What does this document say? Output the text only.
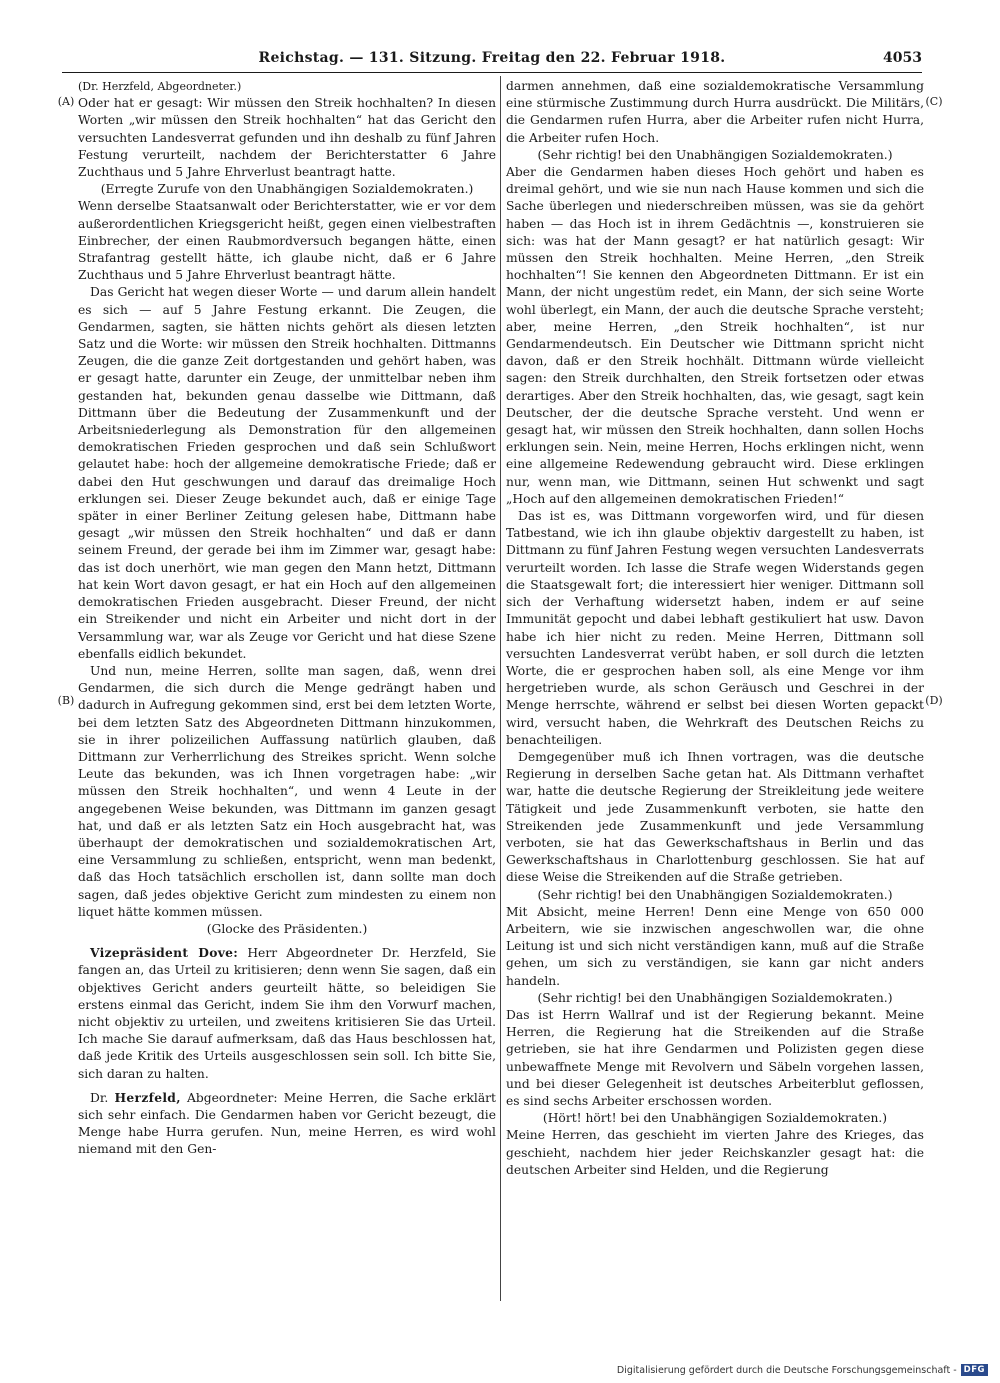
Reichstag. — 131. Sitzung. Freitag den 22. Februar 1918.	4053
(A)
(B)
(C)
(D)

(Dr. Herzfeld, Abgeordneter.)

Oder hat er gesagt: Wir müssen den Streik hochhalten? In diesen Worten „wir müssen den Streik hochhalten“ hat das Gericht den versuchten Landesverrat gefunden und ihn deshalb zu fünf Jahren Festung verurteilt, nachdem der Berichterstatter 6 Jahre Zuchthaus und 5 Jahre Ehrverlust beantragt hatte.

(Erregte Zurufe von den Unabhängigen Sozialdemokraten.)

Wenn derselbe Staatsanwalt oder Berichterstatter, wie er vor dem außerordentlichen Kriegsgericht heißt, gegen einen vielbestraften Einbrecher, der einen Raubmordversuch begangen hätte, einen Strafantrag gestellt hätte, ich glaube nicht, daß er 6 Jahre Zuchthaus und 5 Jahre Ehrverlust beantragt hätte.

Das Gericht hat wegen dieser Worte — und darum allein handelt es sich — auf 5 Jahre Festung erkannt. Die Zeugen, die Gendarmen, sagten, sie hätten nichts gehört als diesen letzten Satz und die Worte: wir müssen den Streik hochhalten. Dittmanns Zeugen, die die ganze Zeit dortgestanden und gehört haben, was er gesagt hatte, darunter ein Zeuge, der unmittelbar neben ihm gestanden hat, bekunden genau dasselbe wie Dittmann, daß Dittmann über die Bedeutung der Zusammenkunft und der Arbeitsniederlegung als Demonstration für den allgemeinen demokratischen Frieden gesprochen und daß sein Schlußwort gelautet habe: hoch der allgemeine demokratische Friede; daß er dabei den Hut geschwungen und darauf das dreimalige Hoch erklungen sei. Dieser Zeuge bekundet auch, daß er einige Tage später in einer Berliner Zeitung gelesen habe, Dittmann habe gesagt „wir müssen den Streik hochhalten“ und daß er dann seinem Freund, der gerade bei ihm im Zimmer war, gesagt habe: das ist doch unerhört, wie man gegen den Mann hetzt, Dittmann hat kein Wort davon gesagt, er hat ein Hoch auf den allgemeinen demokratischen Frieden ausgebracht. Dieser Freund, der nicht ein Streikender und nicht ein Arbeiter und nicht dort in der Versammlung war, war als Zeuge vor Gericht und hat diese Szene ebenfalls eidlich bekundet.

Und nun, meine Herren, sollte man sagen, daß, wenn drei Gendarmen, die sich durch die Menge gedrängt haben und dadurch in Aufregung gekommen sind, erst bei dem letzten Worte, bei dem letzten Satz des Abgeordneten Dittmann hinzukommen, sie in ihrer polizeilichen Auffassung natürlich glauben, daß Dittmann zur Verherrlichung des Streikes spricht. Wenn solche Leute das bekunden, was ich Ihnen vorgetragen habe: „wir müssen den Streik hochhalten“, und wenn 4 Leute in der angegebenen Weise bekunden, was Dittmann im ganzen gesagt hat, und daß er als letzten Satz ein Hoch ausgebracht hat, was überhaupt der demokratischen und sozialdemokratischen Art, eine Versammlung zu schließen, entspricht, wenn man bedenkt, daß das Hoch tatsächlich erschollen ist, dann sollte man doch sagen, daß jedes objektive Gericht zum mindesten zu einem non liquet hätte kommen müssen.

(Glocke des Präsidenten.)

Vizepräsident Dove: Herr Abgeordneter Dr. Herzfeld, Sie fangen an, das Urteil zu kritisieren; denn wenn Sie sagen, daß ein objektives Gericht anders geurteilt hätte, so beleidigen Sie erstens einmal das Gericht, indem Sie ihm den Vorwurf machen, nicht objektiv zu urteilen, und zweitens kritisieren Sie das Urteil. Ich mache Sie darauf aufmerksam, daß das Haus beschlossen hat, daß jede Kritik des Urteils ausgeschlossen sein soll. Ich bitte Sie, sich daran zu halten.

Dr. Herzfeld, Abgeordneter: Meine Herren, die Sache erklärt sich sehr einfach. Die Gendarmen haben vor Gericht bezeugt, die Menge habe Hurra gerufen. Nun, meine Herren, es wird wohl niemand mit den Gen-

darmen annehmen, daß eine sozialdemokratische Versammlung eine stürmische Zustimmung durch Hurra ausdrückt. Die Militärs, die Gendarmen rufen Hurra, aber die Arbeiter rufen nicht Hurra, die Arbeiter rufen Hoch.

(Sehr richtig! bei den Unabhängigen Sozialdemokraten.)

Aber die Gendarmen haben dieses Hoch gehört und haben es dreimal gehört, und wie sie nun nach Hause kommen und sich die Sache überlegen und niederschreiben müssen, was sie da gehört haben — das Hoch ist in ihrem Gedächtnis —, konstruieren sie sich: was hat der Mann gesagt? er hat natürlich gesagt: Wir müssen den Streik hochhalten. Meine Herren, „den Streik hochhalten“! Sie kennen den Abgeordneten Dittmann. Er ist ein Mann, der nicht ungestüm redet, ein Mann, der sich seine Worte wohl überlegt, ein Mann, der auch die deutsche Sprache versteht; aber, meine Herren, „den Streik hochhalten“, ist nur Gendarmendeutsch. Ein Deutscher wie Dittmann spricht nicht davon, daß er den Streik hochhält. Dittmann würde vielleicht sagen: den Streik durchhalten, den Streik fortsetzen oder etwas derartiges. Aber den Streik hochhalten, das, wie gesagt, sagt kein Deutscher, der die deutsche Sprache versteht. Und wenn er gesagt hat, wir müssen den Streik hochhalten, dann sollen Hochs erklungen sein. Nein, meine Herren, Hochs erklingen nicht, wenn eine allgemeine Redewendung gebraucht wird. Diese erklingen nur, wenn man, wie Dittmann, seinen Hut schwenkt und sagt „Hoch auf den allgemeinen demokratischen Frieden!“

Das ist es, was Dittmann vorgeworfen wird, und für diesen Tatbestand, wie ich ihn glaube objektiv dargestellt zu haben, ist Dittmann zu fünf Jahren Festung wegen versuchten Landesverrats verurteilt worden. Ich lasse die Strafe wegen Widerstands gegen die Staatsgewalt fort; die interessiert hier weniger. Dittmann soll sich der Verhaftung widersetzt haben, indem er auf seine Immunität gepocht und dabei lebhaft gestikuliert hat usw. Davon habe ich hier nicht zu reden. Meine Herren, Dittmann soll versuchten Landesverrat verübt haben, er soll durch die letzten Worte, die er gesprochen haben soll, als eine Menge vor ihm hergetrieben wurde, als schon Geräusch und Geschrei in der Menge herrschte, während er selbst bei diesen Worten gepackt wird, versucht haben, die Wehrkraft des Deutschen Reichs zu benachteiligen.

Demgegenüber muß ich Ihnen vortragen, was die deutsche Regierung in derselben Sache getan hat. Als Dittmann verhaftet war, hatte die deutsche Regierung der Streikleitung jede weitere Tätigkeit und jede Zusammenkunft verboten, sie hatte den Streikenden jede Zusammenkunft und jede Versammlung verboten, sie hat das Gewerkschaftshaus in Berlin und das Gewerkschaftshaus in Charlottenburg geschlossen. Sie hat auf diese Weise die Streikenden auf die Straße getrieben.

(Sehr richtig! bei den Unabhängigen Sozialdemokraten.)

Mit Absicht, meine Herren! Denn eine Menge von 650 000 Arbeitern, wie sie inzwischen angeschwollen war, die ohne Leitung ist und sich nicht verständigen kann, muß auf die Straße gehen, um sich zu verständigen, sie kann gar nicht anders handeln.

(Sehr richtig! bei den Unabhängigen Sozialdemokraten.)

Das ist Herrn Wallraf und ist der Regierung bekannt. Meine Herren, die Regierung hat die Streikenden auf die Straße getrieben, sie hat ihre Gendarmen und Polizisten gegen diese unbewaffnete Menge mit Revolvern und Säbeln vorgehen lassen, und bei dieser Gelegenheit ist deutsches Arbeiterblut geflossen, es sind sechs Arbeiter erschossen worden.

(Hört! hört! bei den Unabhängigen Sozialdemokraten.)

Meine Herren, das geschieht im vierten Jahre des Krieges, das geschieht, nachdem hier jeder Reichskanzler gesagt hat: die deutschen Arbeiter sind Helden, und die Regierung

Digitalisierung gefördert durch die Deutsche Forschungsgemeinschaft - DFG
